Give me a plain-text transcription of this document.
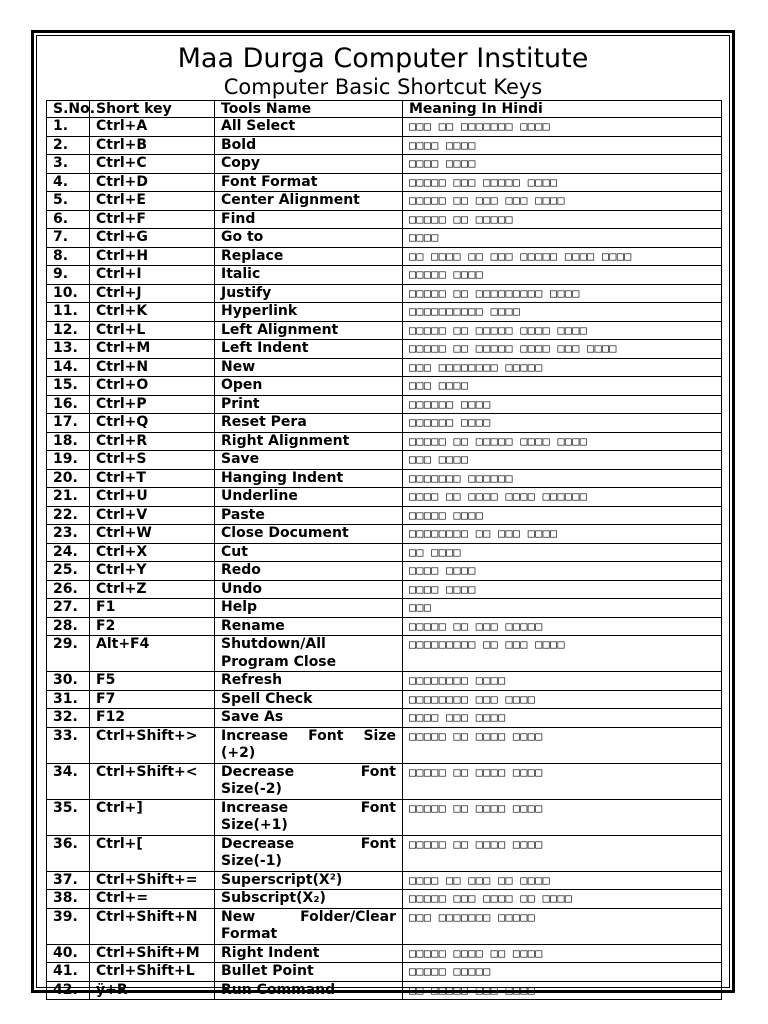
Maa Durga Computer Institute
Computer Basic Shortcut Keys
S.No.	Short key	Tools Name	Meaning In Hindi
1.	Ctrl+A	All Select	□□□ □□ □□□□□□□ □□□□
2.	Ctrl+B	Bold	□□□□ □□□□
3.	Ctrl+C	Copy	□□□□ □□□□
4.	Ctrl+D	Font Format	□□□□□ □□□ □□□□□ □□□□
5.	Ctrl+E	Center Alignment	□□□□□ □□ □□□ □□□ □□□□
6.	Ctrl+F	Find	□□□□□ □□ □□□□□
7.	Ctrl+G	Go to	□□□□
8.	Ctrl+H	Replace	□□ □□□□ □□ □□□ □□□□□ □□□□ □□□□
9.	Ctrl+I	Italic	□□□□□ □□□□
10.	Ctrl+J	Justify	□□□□□ □□ □□□□□□□□□ □□□□
11.	Ctrl+K	Hyperlink	□□□□□□□□□□ □□□□
12.	Ctrl+L	Left Alignment	□□□□□ □□ □□□□□ □□□□ □□□□
13.	Ctrl+M	Left Indent	□□□□□ □□ □□□□□ □□□□ □□□ □□□□
14.	Ctrl+N	New	□□□ □□□□□□□□ □□□□□
15.	Ctrl+O	Open	□□□ □□□□
16.	Ctrl+P	Print	□□□□□□ □□□□
17.	Ctrl+Q	Reset Pera	□□□□□□ □□□□
18.	Ctrl+R	Right Alignment	□□□□□ □□ □□□□□ □□□□ □□□□
19.	Ctrl+S	Save	□□□ □□□□
20.	Ctrl+T	Hanging Indent	□□□□□□□ □□□□□□
21.	Ctrl+U	Underline	□□□□ □□ □□□□ □□□□ □□□□□□
22.	Ctrl+V	Paste	□□□□□ □□□□
23.	Ctrl+W	Close Document	□□□□□□□□ □□ □□□ □□□□
24.	Ctrl+X	Cut	□□ □□□□
25.	Ctrl+Y	Redo	□□□□ □□□□
26.	Ctrl+Z	Undo	□□□□ □□□□
27.	F1	Help	□□□
28.	F2	Rename	□□□□□ □□ □□□ □□□□□
29.	Alt+F4	Shutdown/All Program Close	□□□□□□□□□ □□ □□□ □□□□
30.	F5	Refresh	□□□□□□□□ □□□□
31.	F7	Spell Check	□□□□□□□□ □□□ □□□□
32.	F12	Save As	□□□□ □□□ □□□□
33.	Ctrl+Shift+>	Increase Font Size (+2)	□□□□□ □□ □□□□ □□□□
34.	Ctrl+Shift+<	Decrease Font Size(-2)	□□□□□ □□ □□□□ □□□□
35.	Ctrl+]	Increase Font Size(+1)	□□□□□ □□ □□□□ □□□□
36.	Ctrl+[	Decrease Font Size(-1)	□□□□□ □□ □□□□ □□□□
37.	Ctrl+Shift+=	Superscript(X²)	□□□□ □□ □□□ □□ □□□□
38.	Ctrl+=	Subscript(X₂)	□□□□□ □□□ □□□□ □□ □□□□
39.	Ctrl+Shift+N	New Folder/Clear Format	□□□ □□□□□□□ □□□□□
40.	Ctrl+Shift+M	Right Indent	□□□□□ □□□□ □□ □□□□
41.	Ctrl+Shift+L	Bullet Point	□□□□□ □□□□□
42.	ÿ+R	Run Command	□□ □□□□□ □□□ □□□□
